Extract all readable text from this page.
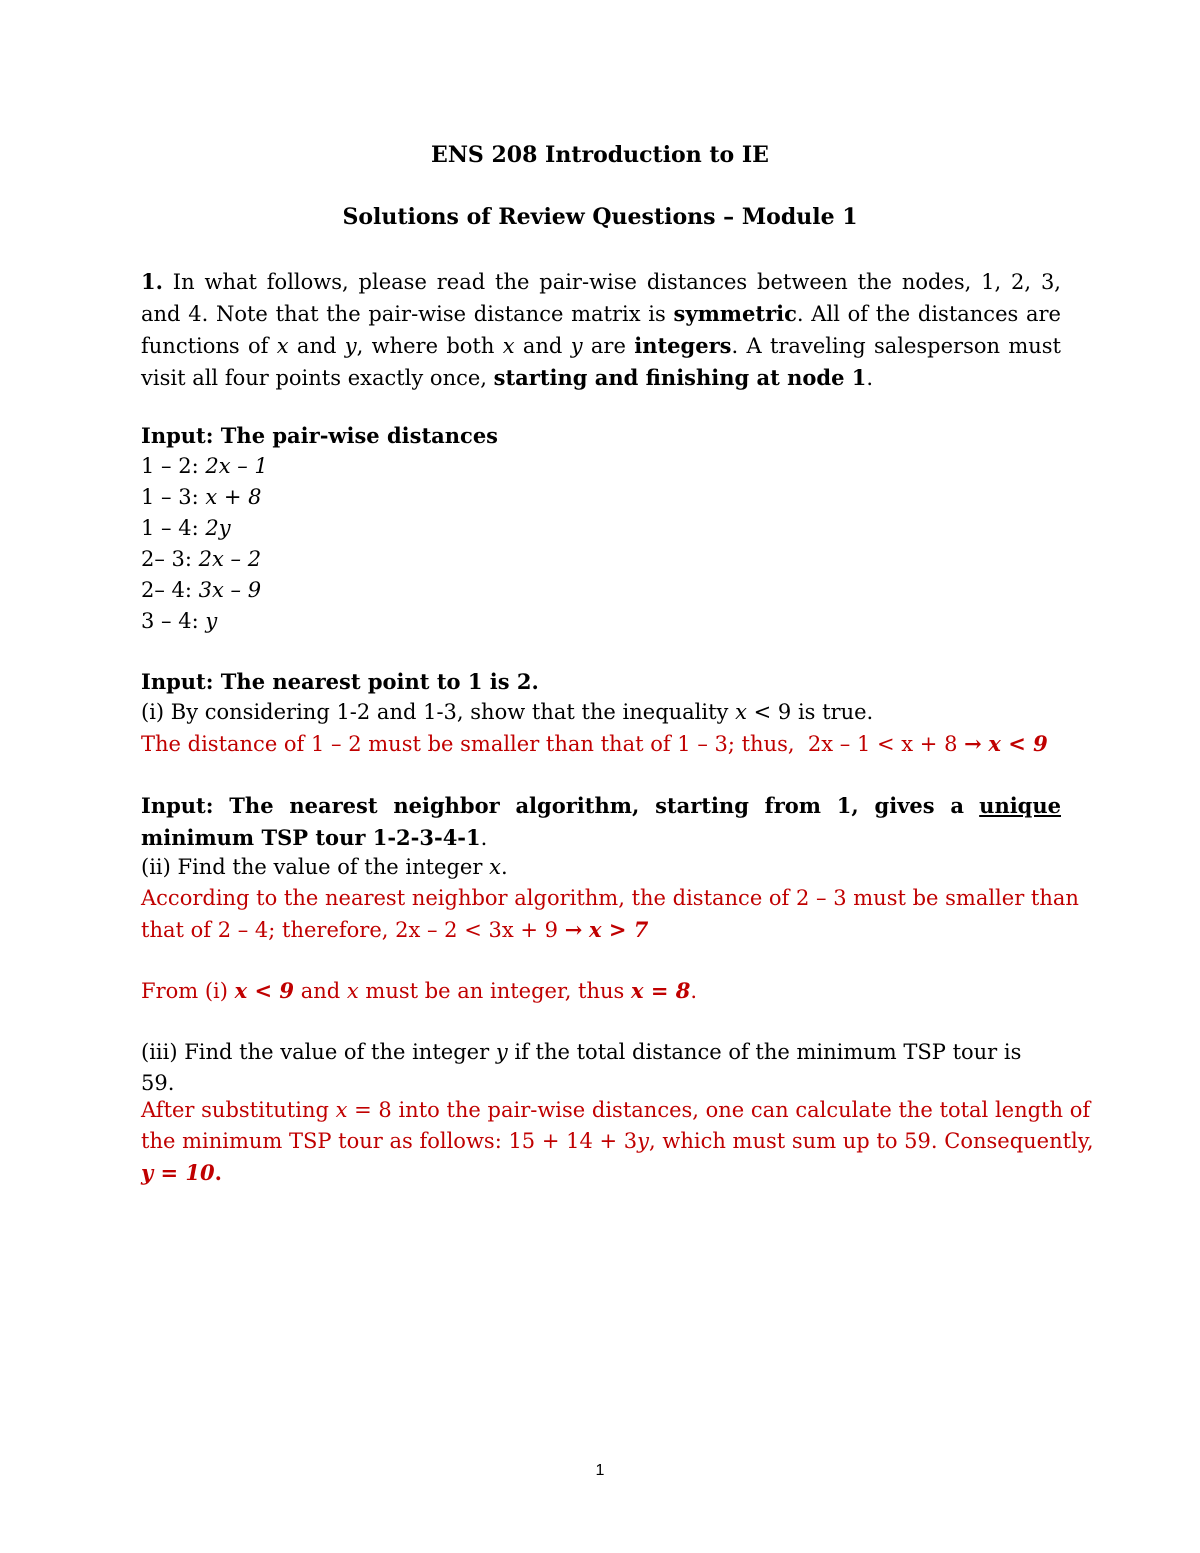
ENS 208 Introduction to IE
Solutions of Review Questions – Module 1
1. In what follows, please read the pair-wise distances between the nodes, 1, 2, 3, and 4. Note that the pair-wise distance matrix is symmetric. All of the distances are functions of x and y, where both x and y are integers. A traveling salesperson must visit all four points exactly once, starting and finishing at node 1.
Input: The pair-wise distances
1 – 2: 2x – 1
1 – 3: x + 8
1 – 4: 2y
2– 3: 2x – 2
2– 4: 3x – 9
3 – 4: y
Input: The nearest point to 1 is 2.
(i) By considering 1-2 and 1-3, show that the inequality x < 9 is true.
The distance of 1 – 2 must be smaller than that of 1 – 3; thus, 2x – 1 < x + 8 → x < 9
Input: The nearest neighbor algorithm, starting from 1, gives a unique minimum TSP tour 1-2-3-4-1.
(ii) Find the value of the integer x.
According to the nearest neighbor algorithm, the distance of 2 – 3 must be smaller than
that of 2 – 4; therefore, 2x – 2 < 3x + 9 → x > 7
From (i) x < 9 and x must be an integer, thus x = 8.
(iii) Find the value of the integer y if the total distance of the minimum TSP tour is 59.
After substituting x = 8 into the pair-wise distances, one can calculate the total length of
the minimum TSP tour as follows: 15 + 14 + 3y, which must sum up to 59. Consequently,
y = 10.
1
